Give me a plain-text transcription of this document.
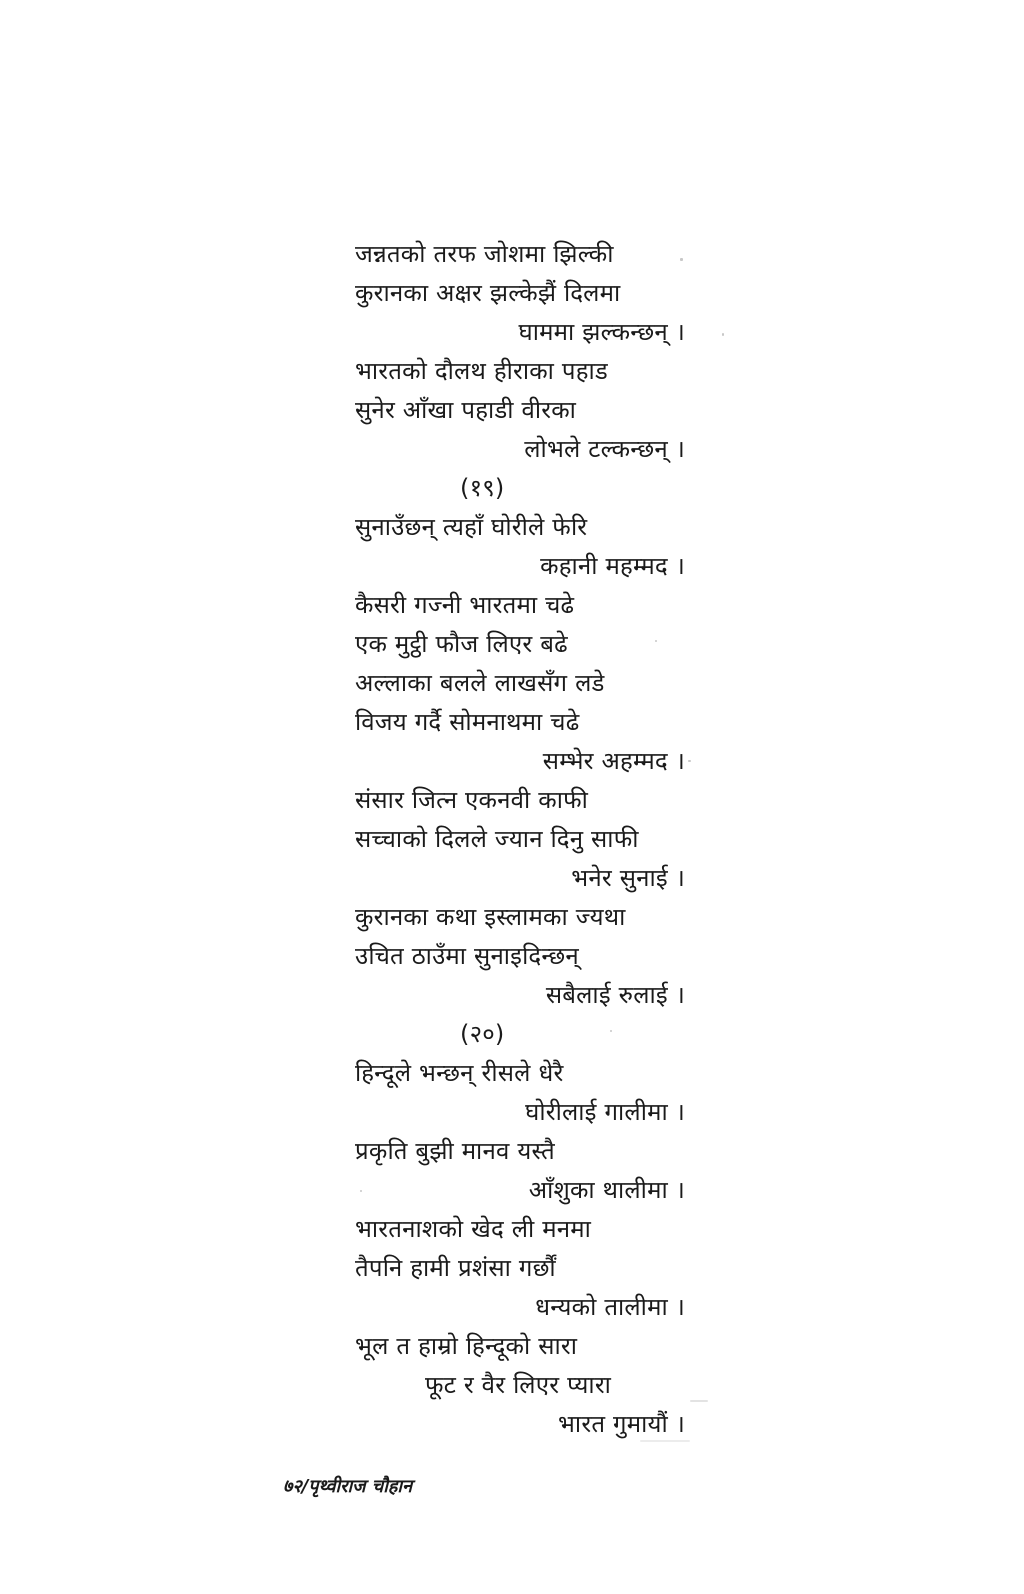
जन्नतको तरफ जोशमा झिल्की
कुरानका अक्षर झल्केझैं दिलमा
घाममा झल्कन्छन् ।
भारतको दौलथ हीराका पहाड
सुनेर आँखा पहाडी वीरका
लोभले टल्कन्छन् ।
(१९)
सुनाउँछन् त्यहाँ घोरीले फेरि
कहानी महम्मद ।
कैसरी गज्नी भारतमा चढे
एक मुट्ठी फौज लिएर बढे
अल्लाका बलले लाखसँग लडे
विजय गर्दै सोमनाथमा चढे
सम्भेर अहम्मद ।
संसार जित्न एकनवी काफी
सच्चाको दिलले ज्यान दिनु साफी
भनेर सुनाई ।
कुरानका कथा इस्लामका ज्यथा
उचित ठाउँमा सुनाइदिन्छन्
सबैलाई रुलाई ।
(२०)
हिन्दूले भन्छन् रीसले धेरै
घोरीलाई गालीमा ।
प्रकृति बुझी मानव यस्तै
आँशुका थालीमा ।
भारतनाशको खेद ली मनमा
तैपनि हामी प्रशंसा गर्छौं
धन्यको तालीमा ।
भूल त हाम्रो हिन्दूको सारा
फूट र वैर लिएर प्यारा
भारत गुमायौं ।
७२/पृथ्वीराज चौहान
